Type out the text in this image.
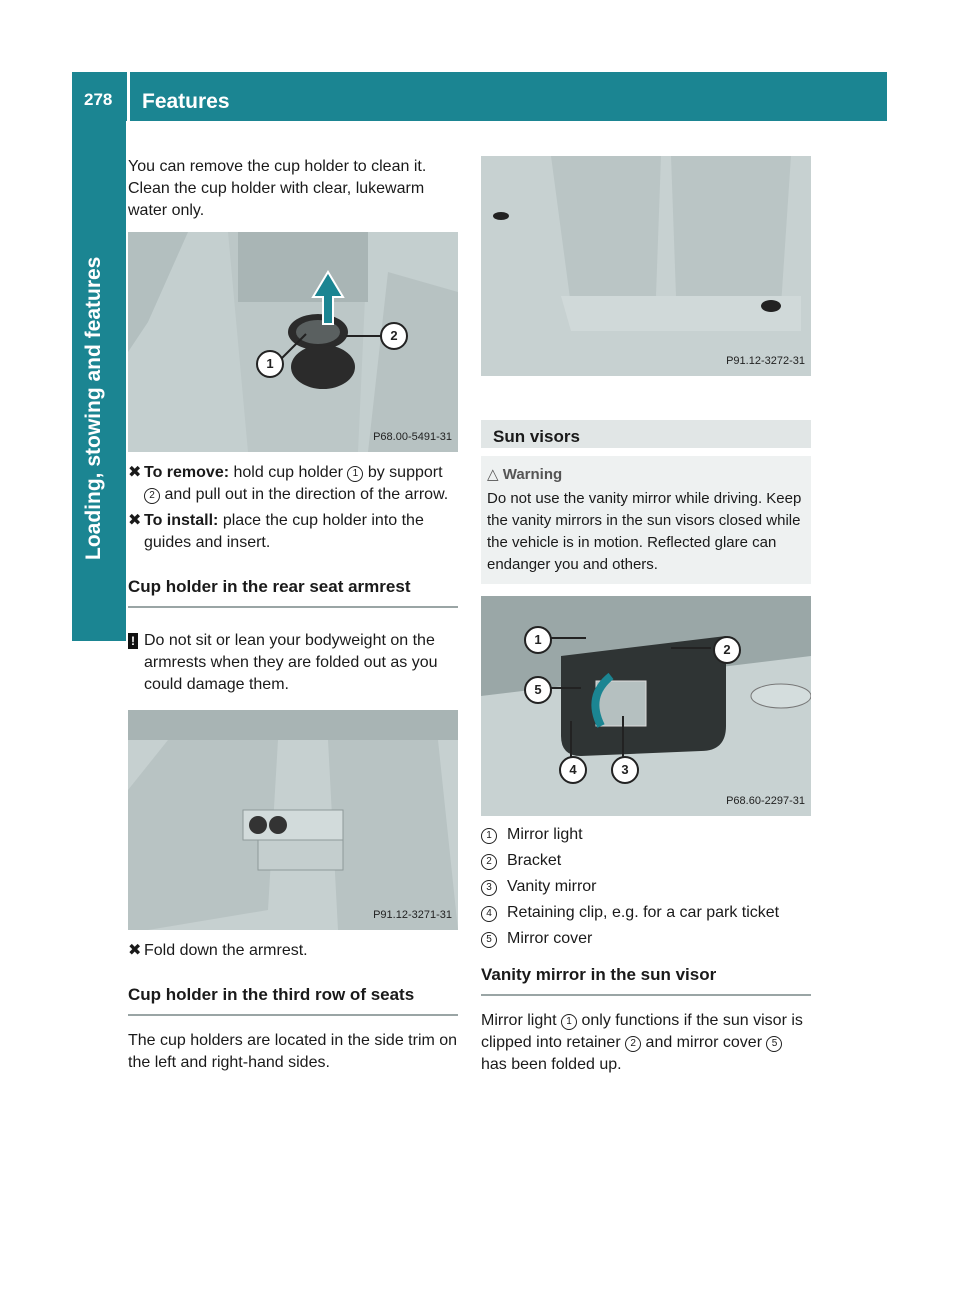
278 Features
Loading, stowing and features

You can remove the cup holder to clean it. Clean the cup holder with clear, lukewarm water only.

1
2
P68.00-5491-31
✖ To remove: hold cup holder 1 by support 2 and pull out in the direction of the arrow.
✖ To install: place the cup holder into the guides and insert.
Cup holder in the rear seat armrest
! Do not sit or lean your bodyweight on the armrests when they are folded out as you could damage them.
P91.12-3271-31
✖ Fold down the armrest.
Cup holder in the third row of seats

The cup holders are located in the side trim on the left and right-hand sides.

P91.12-3272-31
Sun visors
△ Warning
Do not use the vanity mirror while driving. Keep the vanity mirrors in the sun visors closed while the vehicle is in motion. Reflected glare can endanger you and others.
1
2
3
4
5
P68.60-2297-31
1 Mirror light
2 Bracket
3 Vanity mirror
4 Retaining clip, e.g. for a car park ticket
5 Mirror cover
Vanity mirror in the sun visor

Mirror light 1 only functions if the sun visor is clipped into retainer 2 and mirror cover 5 has been folded up.
